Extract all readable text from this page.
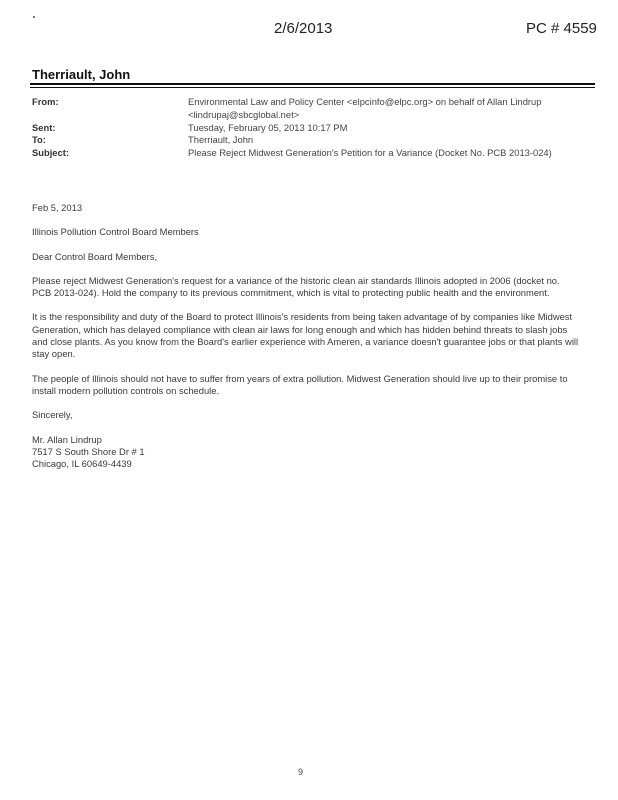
2/6/2013	PC # 4559
Therriault, John
From:	Environmental Law and Policy Center <elpcinfo@elpc.org> on behalf of Allan Lindrup <lindrupaj@sbcglobal.net>
Sent:	Tuesday, February 05, 2013 10:17 PM
To:	Therriault, John
Subject:	Please Reject Midwest Generation's Petition for a Variance (Docket No. PCB 2013-024)

Feb 5, 2013

Illinois Pollution Control Board Members

Dear Control Board Members,

Please reject Midwest Generation's request for a variance of the historic clean air standards Illinois adopted in 2006 (docket no. PCB 2013-024). Hold the company to its previous commitment, which is vital to protecting public health and the environment.

It is the responsibility and duty of the Board to protect Illinois's residents from being taken advantage of by companies like Midwest Generation, which has delayed compliance with clean air laws for long enough and which has hidden behind threats to slash jobs and close plants. As you know from the Board's earlier experience with Ameren, a variance doesn't guarantee jobs or that plants will stay open.

The people of Illinois should not have to suffer from years of extra pollution. Midwest Generation should live up to their promise to install modern pollution controls on schedule.

Sincerely,

Mr. Allan Lindrup
7517 S South Shore Dr # 1
Chicago, IL 60649-4439
9
